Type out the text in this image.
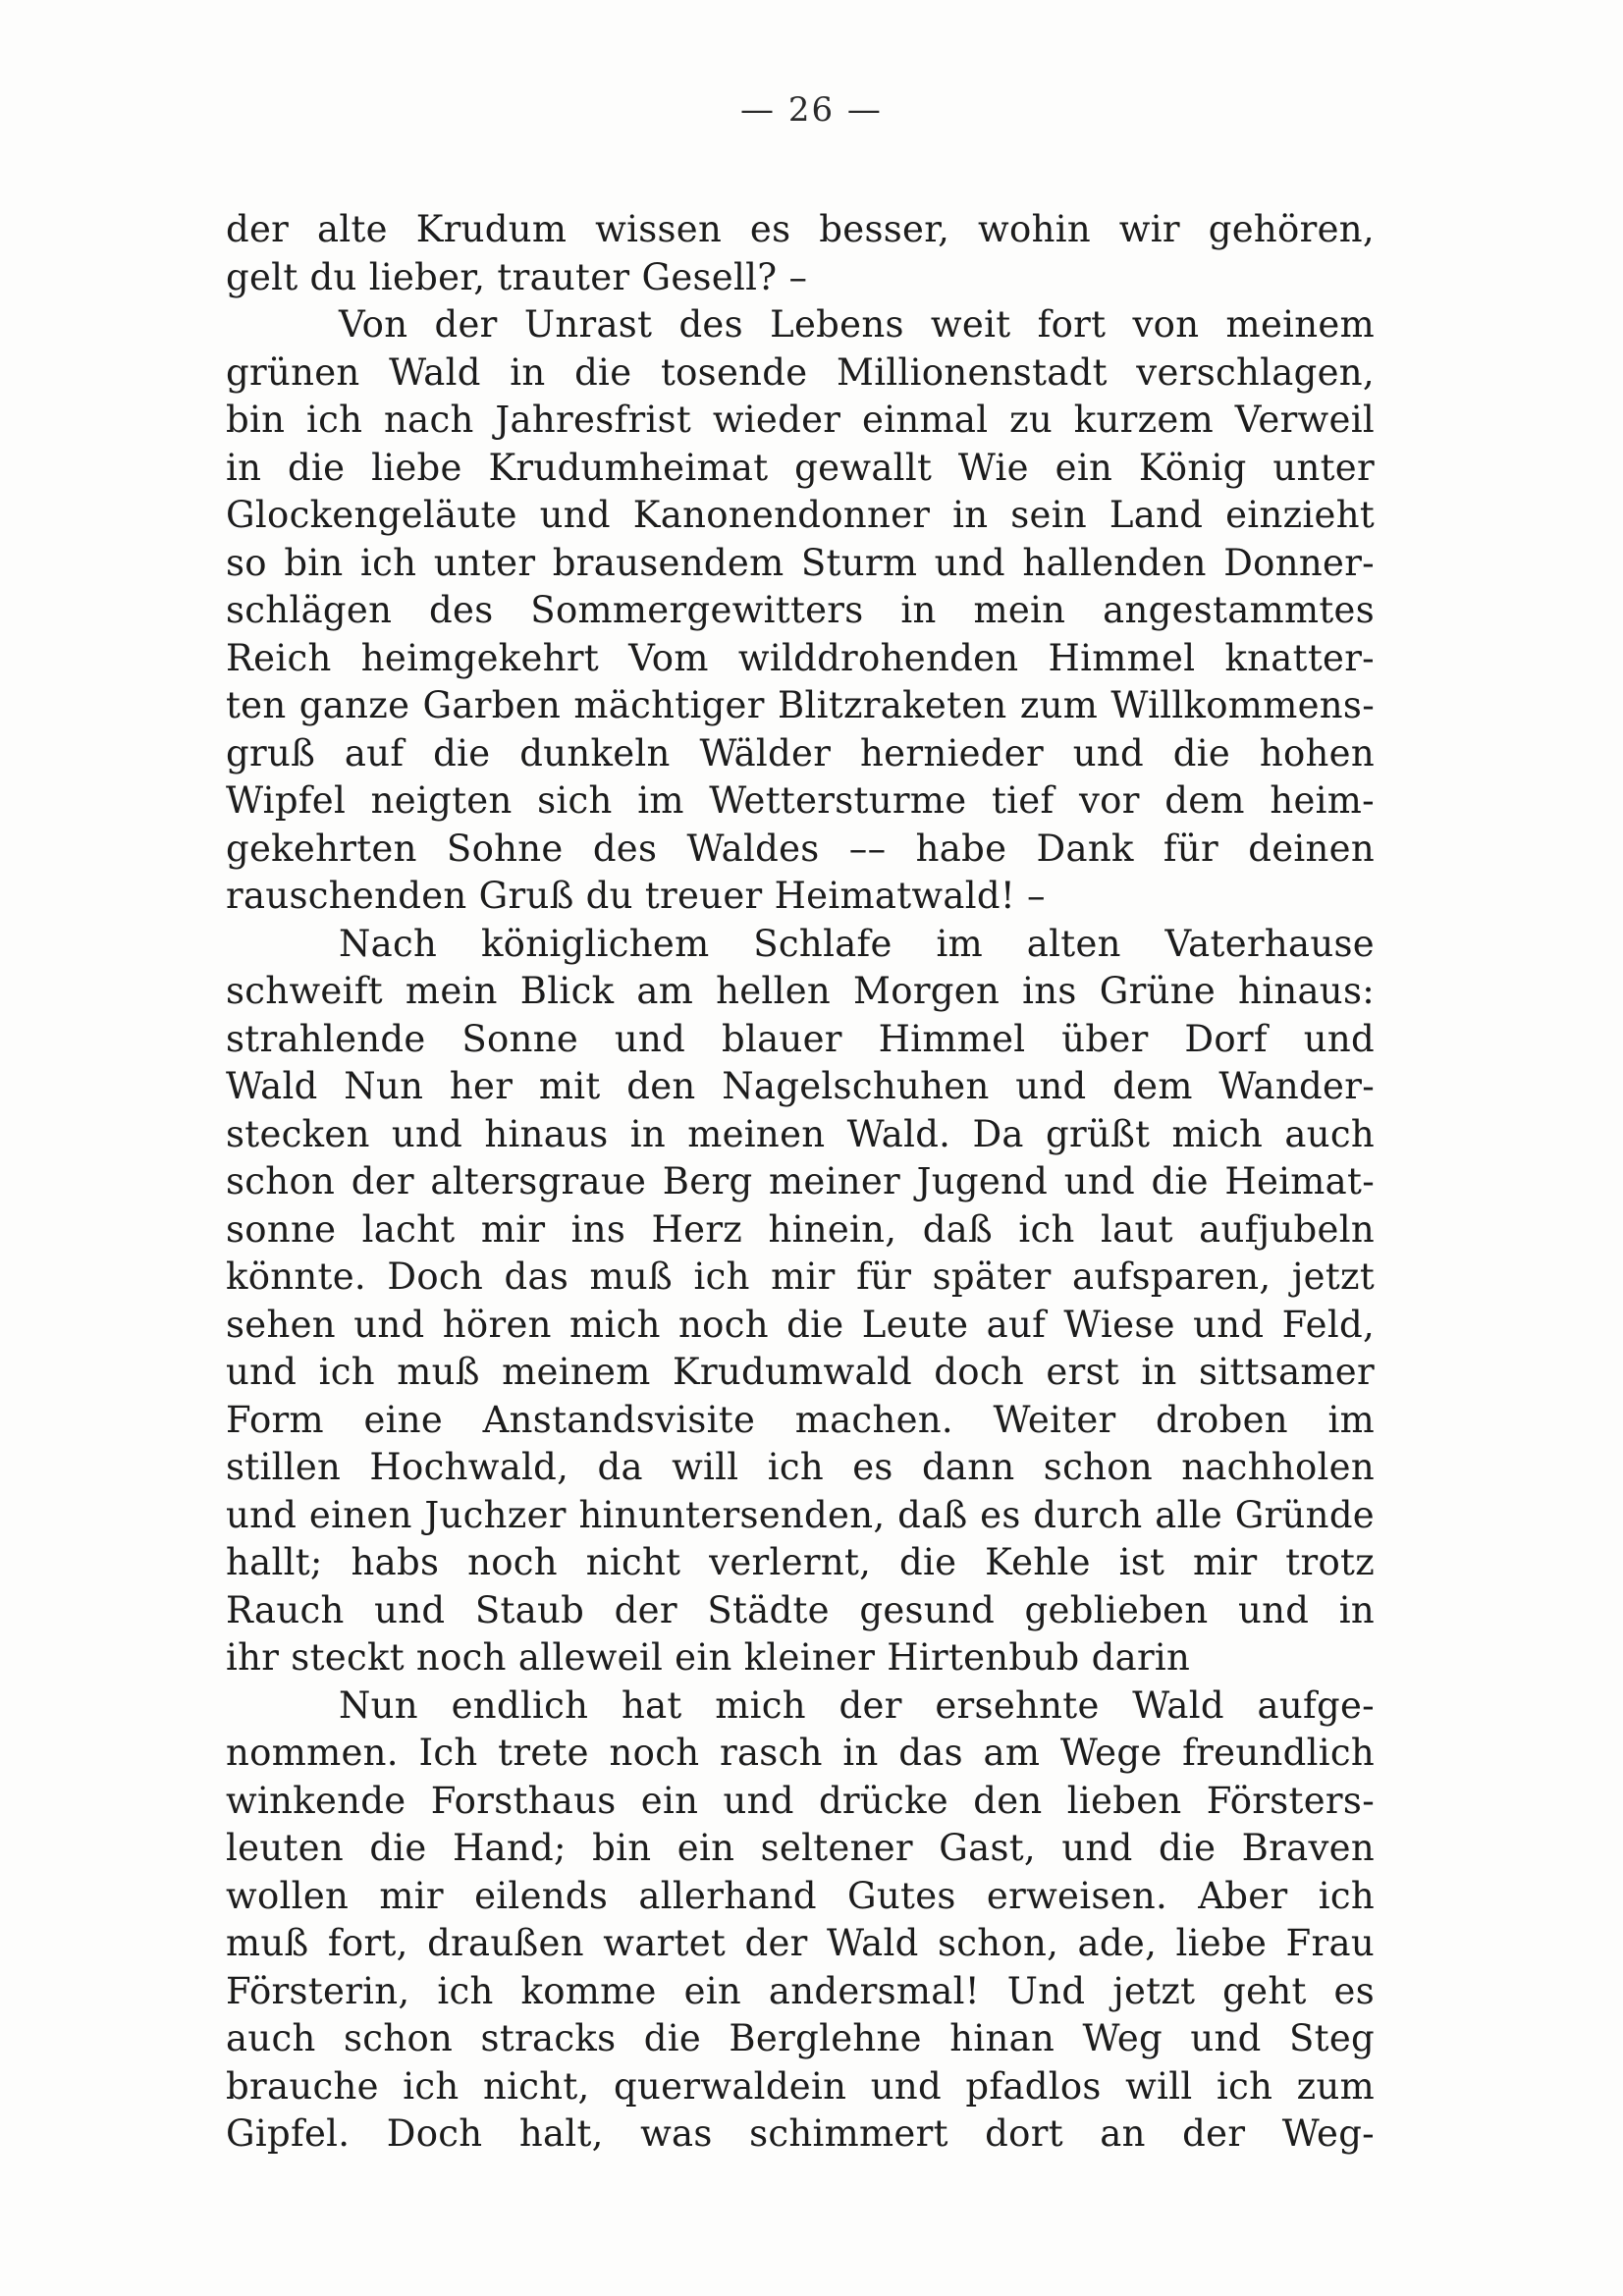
— 26 —
der alte Krudum wissen es besser, wohin wir gehören,
gelt du lieber, trauter Gesell? –
Von der Unrast des Lebens weit fort von meinem
grünen Wald in die tosende Millionenstadt verschlagen,
bin ich nach Jahresfrist wieder einmal zu kurzem Verweil
in die liebe Krudumheimat gewallt Wie ein König unter
Glockengeläute und Kanonendonner in sein Land einzieht
so bin ich unter brausendem Sturm und hallenden Donner-
schlägen des Sommergewitters in mein angestammtes
Reich heimgekehrt Vom wilddrohenden Himmel knatter-
ten ganze Garben mächtiger Blitzraketen zum Willkommens-
gruß auf die dunkeln Wälder hernieder und die hohen
Wipfel neigten sich im Wettersturme tief vor dem heim-
gekehrten Sohne des Waldes –– habe Dank für deinen
rauschenden Gruß du treuer Heimatwald! –
Nach königlichem Schlafe im alten Vaterhause
schweift mein Blick am hellen Morgen ins Grüne hinaus:
strahlende Sonne und blauer Himmel über Dorf und
Wald Nun her mit den Nagelschuhen und dem Wander-
stecken und hinaus in meinen Wald. Da grüßt mich auch
schon der altersgraue Berg meiner Jugend und die Heimat-
sonne lacht mir ins Herz hinein, daß ich laut aufjubeln
könnte. Doch das muß ich mir für später aufsparen, jetzt
sehen und hören mich noch die Leute auf Wiese und Feld,
und ich muß meinem Krudumwald doch erst in sittsamer
Form eine Anstandsvisite machen. Weiter droben im
stillen Hochwald, da will ich es dann schon nachholen
und einen Juchzer hinuntersenden, daß es durch alle Gründe
hallt; habs noch nicht verlernt, die Kehle ist mir trotz
Rauch und Staub der Städte gesund geblieben und in
ihr steckt noch alleweil ein kleiner Hirtenbub darin
Nun endlich hat mich der ersehnte Wald aufge-
nommen. Ich trete noch rasch in das am Wege freundlich
winkende Forsthaus ein und drücke den lieben Försters-
leuten die Hand; bin ein seltener Gast, und die Braven
wollen mir eilends allerhand Gutes erweisen. Aber ich
muß fort, draußen wartet der Wald schon, ade, liebe Frau
Försterin, ich komme ein andersmal! Und jetzt geht es
auch schon stracks die Berglehne hinan Weg und Steg
brauche ich nicht, querwaldein und pfadlos will ich zum
Gipfel. Doch halt, was schimmert dort an der Weg-
